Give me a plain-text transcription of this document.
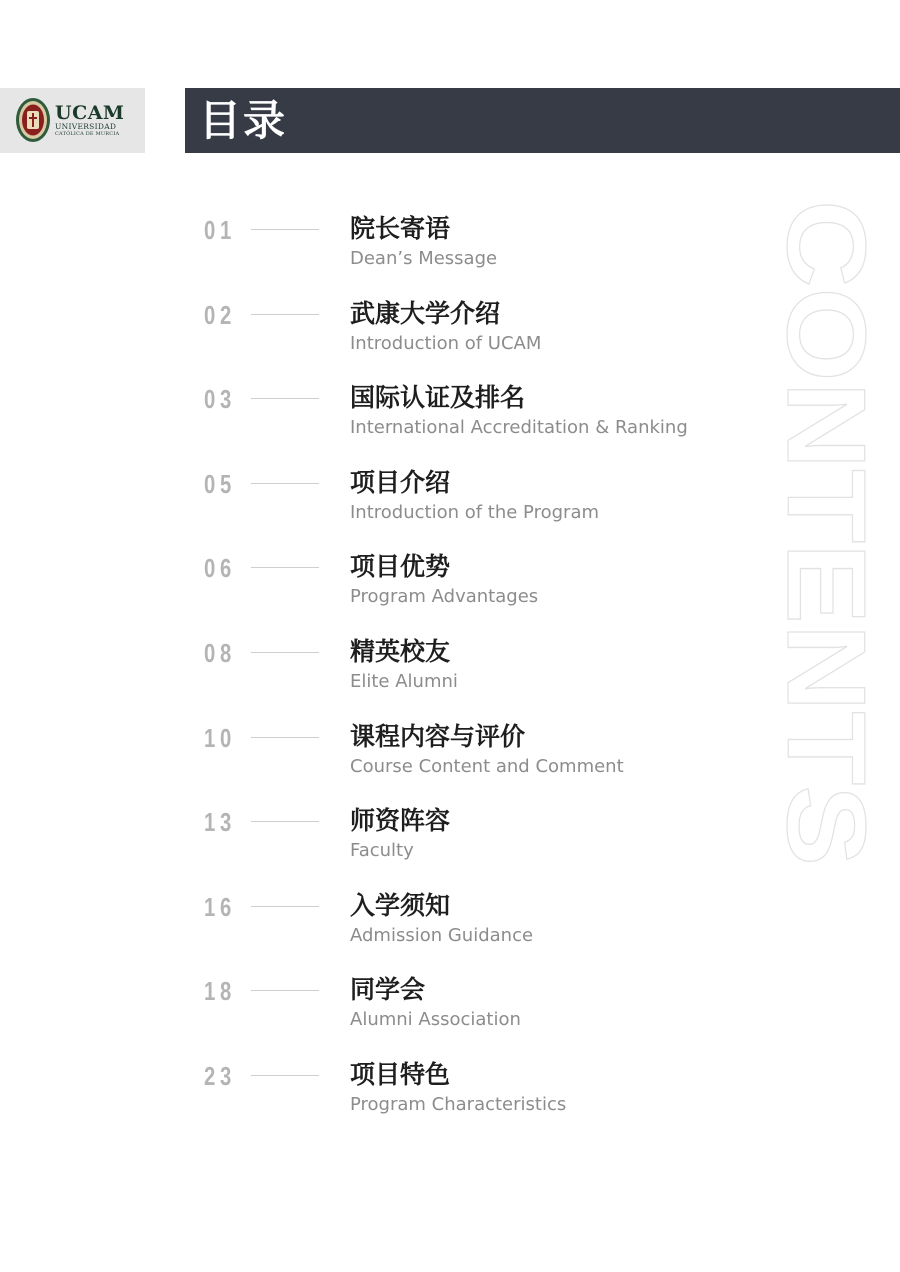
UCAM
UNIVERSIDAD
CATÓLICA DE MURCIA 目录
CONTENTS
01	院长寄语
Dean’s Message
02	武康大学介绍
Introduction of UCAM
03	国际认证及排名
International Accreditation & Ranking
05	项目介绍
Introduction of the Program
06	项目优势
Program Advantages
08	精英校友
Elite Alumni
10	课程内容与评价
Course Content and Comment
13	师资阵容
Faculty
16	入学须知
Admission Guidance
18	同学会
Alumni Association
23	项目特色
Program Characteristics
